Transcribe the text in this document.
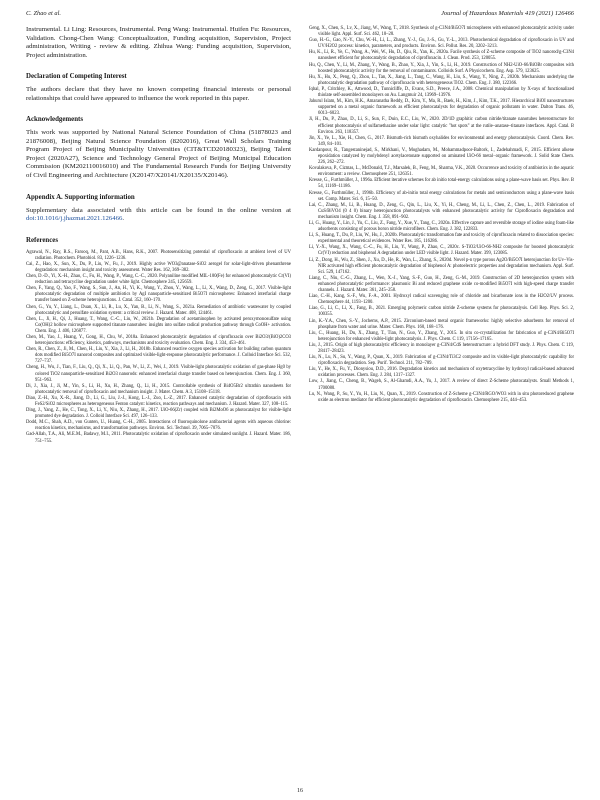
C. Zhao et al.	Journal of Hazardous Materials 419 (2021) 126466

Instrumental. Li Ling: Resources, Instrumental. Peng Wang: Instrumental. Huifen Fu: Resources, Validation. Chong-Chen Wang: Conceptualization, Funding acquisition, Supervision, Project administration, Writing - review & editing. Zhihua Wang: Funding acquisition, Supervision, Project administration.

Declaration of Competing Interest

The authors declare that they have no known competing financial interests or personal relationships that could have appeared to influence the work reported in this paper.

Acknowledgements

This work was supported by National Natural Science Foundation of China (51878023 and 21876008), Beijing Natural Science Foundation (8202016), Great Wall Scholars Training Program Project of Beijing Municipality Universities (CIT&TCD20180323), Beijing Talent Project (2020A27), Science and Technology General Project of Beijing Municipal Education Commission (KM202110016010) and The Fundamental Research Funds for Beijing University of Civil Engineering and Architecture (X20147/X20141/X20135/X20146).

Appendix A. Supporting information

Supplementary data associated with this article can be found in the online version at doi:10.1016/j.jhazmat.2021.126466.

References

Agrawal, N., Ray, R.S., Farooq, M., Pant, A.B., Hans, R.K., 2007. Photosensitizing potential of ciprofloxacin at ambient level of UV radiation. Photochem. Photobiol. 83, 1226–1236.

Cai, Z., Hao, X., Sun, X., Du, P., Liu, W., Fu, J., 2019. Highly active WO3@anatase-SiO2 aerogel for solar-light-driven phenanthrene degradation: mechanism insight and toxicity assessment. Water Res. 162, 369–382.

Chen, D.-D., Yi, X.-H., Zhao, C., Fu, H., Wang, P., Wang, C.-C., 2020. Polyaniline modified MIL-100(Fe) for enhanced photocatalytic Cr(VI) reduction and tetracycline degradation under white light. Chemosphere 245, 125659.

Chen, F., Yang, Q., Yao, F., Wang, S., Sun, J., An, H., Yi, K., Wang, Y., Zhou, Y., Wang, L., Li, X., Wang, D., Zeng, G., 2017. Visible-light photocatalytic degradation of multiple antibiotics by AgI nanoparticle-sensitized Bi5O7I microspheres: Enhanced interfacial charge transfer based on Z-scheme heterojunctions. J. Catal. 352, 160–170.

Chen, G., Yu, Y., Liang, L., Duan, X., Li, R., Lu, X., Yan, B., Li, N., Wang, S., 2021a. Remediation of antibiotic wastewater by coupled photocatalytic and persulfate oxidation system: a critical review. J. Hazard. Mater. 408, 124461.

Chen, L., Ji, H., Qi, J., Huang, T., Wang, C.-C., Liu, W., 2021b. Degradation of acetaminophen by activated peroxymonosulfate using Co(OH)2 hollow microsphere supported titanate nanotubes: insights into sulfate radical production pathway through CoOH+ activation. Chem. Eng. J. 406, 126877.

Chen, M., Yao, J., Huang, Y., Gong, H., Chu, W., 2018a. Enhanced photocatalytic degradation of ciprofloxacin over Bi2O3/(BiO)2CO3 heterojunctions: efficiency, kinetics, pathways, mechanisms and toxicity evaluation. Chem. Eng. J. 334, 453–461.

Chen, R., Chen, Z., Ji, M., Chen, H., Liu, Y., Xia, J., Li, H., 2018b. Enhanced reactive oxygen species activation for building carbon quantum dots modified Bi5O7I nanorod composites and optimized visible-light-response photocatalytic performance. J. Colloid Interface Sci. 532, 727–737.

Cheng, H., Wu, J., Tian, F., Liu, Q., Qi, X., Li, Q., Pan, W., Li, Z., Wei, J., 2019. Visible-light photocatalytic oxidation of gas-phase Hg0 by colored TiO2 nanoparticle-sensitized Bi2O3 nanorods: enhanced interfacial charge transfer based on heterojunction. Chem. Eng. J. 360, 951–963.

Di, J., Xia, J., Ji, M., Yin, S., Li, H., Xu, H., Zhang, Q., Li, H., 2015. Controllable synthesis of Bi4O5Br2 ultrathin nanosheets for photocatalytic removal of ciprofloxacin and mechanism insight. J. Mater. Chem. A 3, 15108–15118.

Diao, Z.-H., Xu, X.-R., Jiang, D., Li, G., Liu, J.-J., Kong, L.-J., Zuo, L.-Z., 2017. Enhanced catalytic degradation of ciprofloxacin with FeS2/SiO2 microspheres as heterogeneous Fenton catalyst: kinetics, reaction pathways and mechanism. J. Hazard. Mater. 327, 108–115.

Ding, J., Yang, Z., He, C., Tong, X., Li, Y., Niu, X., Zhang, H., 2017. UiO-66(Zr) coupled with Bi2MoO6 as photocatalyst for visible-light promoted dye degradation. J. Colloid Interface Sci. 497, 126–133.

Dodd, M.C., Shah, A.D., von Gunten, U., Huang, C.-H., 2005. Interactions of fluoroquinolone antibacterial agents with aqueous chlorine: reaction kinetics, mechanisms, and transformation pathways. Environ. Sci. Technol. 39, 7065–7076.

Gad-Allah, T.A., Ali, M.E.M., Badawy, M.I., 2011. Photocatalytic oxidation of ciprofloxacin under simulated sunlight. J. Hazard. Mater. 186, 751–755.

Geng, X., Chen, S., Lv, X., Jiang, W., Wang, T., 2018. Synthesis of g-C3N4/Bi5O7I microspheres with enhanced photocatalytic activity under visible light. Appl. Surf. Sci. 462, 18–28.

Guo, H.-G., Gao, N.-Y., Chu, W.-H., Li, L., Zhang, Y.-J., Gu, J.-S., Gu, Y.-L., 2013. Photochemical degradation of ciprofloxacin in UV and UV/H2O2 process: kinetics, parameters, and products. Environ. Sci. Pollut. Res. 20, 3202–3213.

Hu, K., Li, R., Ye, C., Wang, A., Wei, W., Hu, D., Qiu, R., Yan, K., 2020a. Facile synthesis of Z-scheme composite of TiO2 nanorod/g-C3N4 nanosheet efficient for photocatalytic degradation of ciprofloxacin. J. Clean. Prod. 253, 120055.

Hu, Q., Chen, Y., Li, M., Zhang, Y., Wang, B., Zhao, Y., Xia, J., Yin, S., Li, H., 2019. Construction of NH2-UiO-66/BiOBr composites with boosted photocatalytic activity for the removal of contaminants. Colloids Surf. A Physicochem. Eng. Asp. 579, 123625.

Hu, X., Hu, X., Peng, Q., Zhou, L., Tan, X., Jiang, L., Tang, C., Wang, H., Liu, S., Wang, Y., Ning, Z., 2020b. Mechanisms underlying the photocatalytic degradation pathway of ciprofloxacin with heterogeneous TiO2. Chem. Eng. J. 380, 122366.

Iqbal, P., Critchley, K., Attwood, D., Tunnicliffe, D., Evans, S.D., Preece, J.A., 2008. Chemical manipulation by X-rays of functionalized thiolate self-assembled monolayers on Au. Langmuir 24, 13969–13976.

Jahurul Islam, M., Kim, H.K., Amaranatha Reddy, D., Kim, Y., Ma, R., Baek, H., Kim, J., Kim, T.K., 2017. Hierarchical BiOI nanostructures supported on a metal organic framework as efficient photocatalysts for degradation of organic pollutants in water. Dalton Trans. 46, 6013–6023.

Ji, H., Du, P., Zhao, D., Li, S., Sun, F., Duin, E.C., Liu, W., 2020. 2D/1D graphitic carbon nitride/titanate nanotubes heterostructure for efficient photocatalysis of sulfamethazine under solar light: catalytic "hot spots" at the rutile–anatase–titanate interfaces. Appl. Catal. B Environ. 263, 118357.

Jin, X., Ye, L., Xie, H., Chen, G., 2017. Bismuth-rich bismuth oxyhalides for environmental and energy photocatalysis. Coord. Chem. Rev. 349, 84–101.

Kardanpour, R., Tangestaninejad, S., Mirkhani, V., Moghadam, M., Mohammadpoor-Baltork, I., Zadehahmadi, F., 2015. Efficient alkene epoxidation catalyzed by molybdenyl acetylacetonate supported on aminated UiO-66 metal−organic framework. J. Solid State Chem. 226, 262–272.

Kovalakova, P., Cizmas, L., McDonald, T.J., Marsalek, B., Feng, M., Sharma, V.K., 2020. Occurrence and toxicity of antibiotics in the aquatic environment: a review. Chemosphere 251, 126351.

Kresse, G., Furthmüller, J., 1996a. Efficient iterative schemes for ab initio total-energy calculations using a plane-wave basis set. Phys. Rev. B 54, 11169–11186.

Kresse, G., Furthmüller, J., 1996b. Efficiency of ab-initio total energy calculations for metals and semiconductors using a plane-wave basis set. Comp. Mater. Sci. 6, 15–50.

Lai, C., Zhang, M., Li, B., Huang, D., Zeng, G., Qin, L., Liu, X., Yi, H., Cheng, M., Li, L., Chen, Z., Chen, L., 2019. Fabrication of CuS/BiVO4 (0 4 0) binary heterojunction photocatalysts with enhanced photocatalytic activity for Ciprofloxacin degradation and mechanism insight. Chem. Eng. J. 358, 891–902.

Li, G., Huang, Y., Lin, J., Yu, C., Liu, Z., Fang, Y., Xue, Y., Tang, C., 2020a. Effective capture and reversible storage of iodine using foam-like adsorbents consisting of porous boron nitride microfibers. Chem. Eng. J. 382, 122833.

Li, S., Huang, T., Du, P., Liu, W., Hu, J., 2020b. Photocatalytic transformation fate and toxicity of ciprofloxacin related to dissociation species: experimental and theoretical evidences. Water Res. 185, 116286.

Li, Y.-X., Wang, X., Wang, C.-C., Fu, H., Liu, Y., Wang, P., Zhao, C., 2020c. S-TiO2/UiO-66-NH2 composite for boosted photocatalytic Cr(VI) reduction and bisphenol A degradation under LED visible light. J. Hazard. Mater. 399, 123085.

Li, Z., Dong, H., Wu, Z., Shen, J., Xu, D., He, R., Wan, L., Zhang, S., 2020d. Novel p-n type porous Ag2O/Bi5O7I heterojunction for Uv–Vis-NIR activated high efficient photocatalytic degradation of bisphenol A: photoelectric properties and degradation mechanism. Appl. Surf. Sci. 529, 147162.

Liang, C., Niu, C.-G., Zhang, L., Wen, X.-J., Yang, S.-F., Guo, H., Zeng, G.-M., 2019. Construction of 2D heterojunction system with enhanced photocatalytic performance: plasmonic Bi and reduced graphene oxide co-modified Bi5O7I with high-speed charge transfer channels. J. Hazard. Mater. 361, 245–258.

Liao, C.-H., Kang, S.-F., Wu, F.-A., 2001. Hydroxyl radical scavenging role of chloride and bicarbonate ions in the H2O2/UV process. Chemosphere 44, 1193–1200.

Liao, G., Li, C., Li, X., Fang, B., 2021. Emerging polymeric carbon nitride Z-scheme systems for photocatalysis. Cell Rep. Phys. Sci. 2, 100355.

Lin, K.-Y.A., Chen, S.-Y., Jochems, A.P., 2015. Zirconium-based metal organic frameworks: highly selective adsorbents for removal of phosphate from water and urine. Mater. Chem. Phys. 160, 168–176.

Liu, C., Huang, H., Du, X., Zhang, T., Tian, N., Guo, Y., Zhang, Y., 2015. In situ co-crystallization for fabrication of g-C3N4/Bi5O7I heterojunction for enhanced visible-light photocatalysis. J. Phys. Chem. C 119, 17156–17165.

Liu, J., 2015. Origin of high photocatalytic efficiency in monolayer g-C3N4/CdS heterostructure: a hybrid DFT study. J. Phys. Chem. C 119, 28417–28423.

Liu, N., Lu, N., Su, Y., Wang, P., Quan, X., 2019. Fabrication of g-C3N4/Ti3C2 composite and its visible-light photocatalytic capability for ciprofloxacin degradation. Sep. Purif. Technol. 211, 782–789.

Liu, Y., He, X., Fu, Y., Dionysiou, D.D., 2016. Degradation kinetics and mechanism of oxytetracycline by hydroxyl radical-based advanced oxidation processes. Chem. Eng. J. 284, 1317–1327.

Low, J., Jiang, C., Cheng, B., Wageh, S., Al-Ghamdi, A.A., Yu, J., 2017. A review of direct Z-Scheme photocatalysts. Small Methods 1, 1700080.

Lu, N., Wang, P., Su, Y., Yu, H., Liu, N., Quan, X., 2019. Construction of Z-Scheme g-C3N4/RGO/WO3 with in situ photoreduced graphene oxide as electron mediator for efficient photocatalytic degradation of ciprofloxacin. Chemosphere 215, 444–453.

16
